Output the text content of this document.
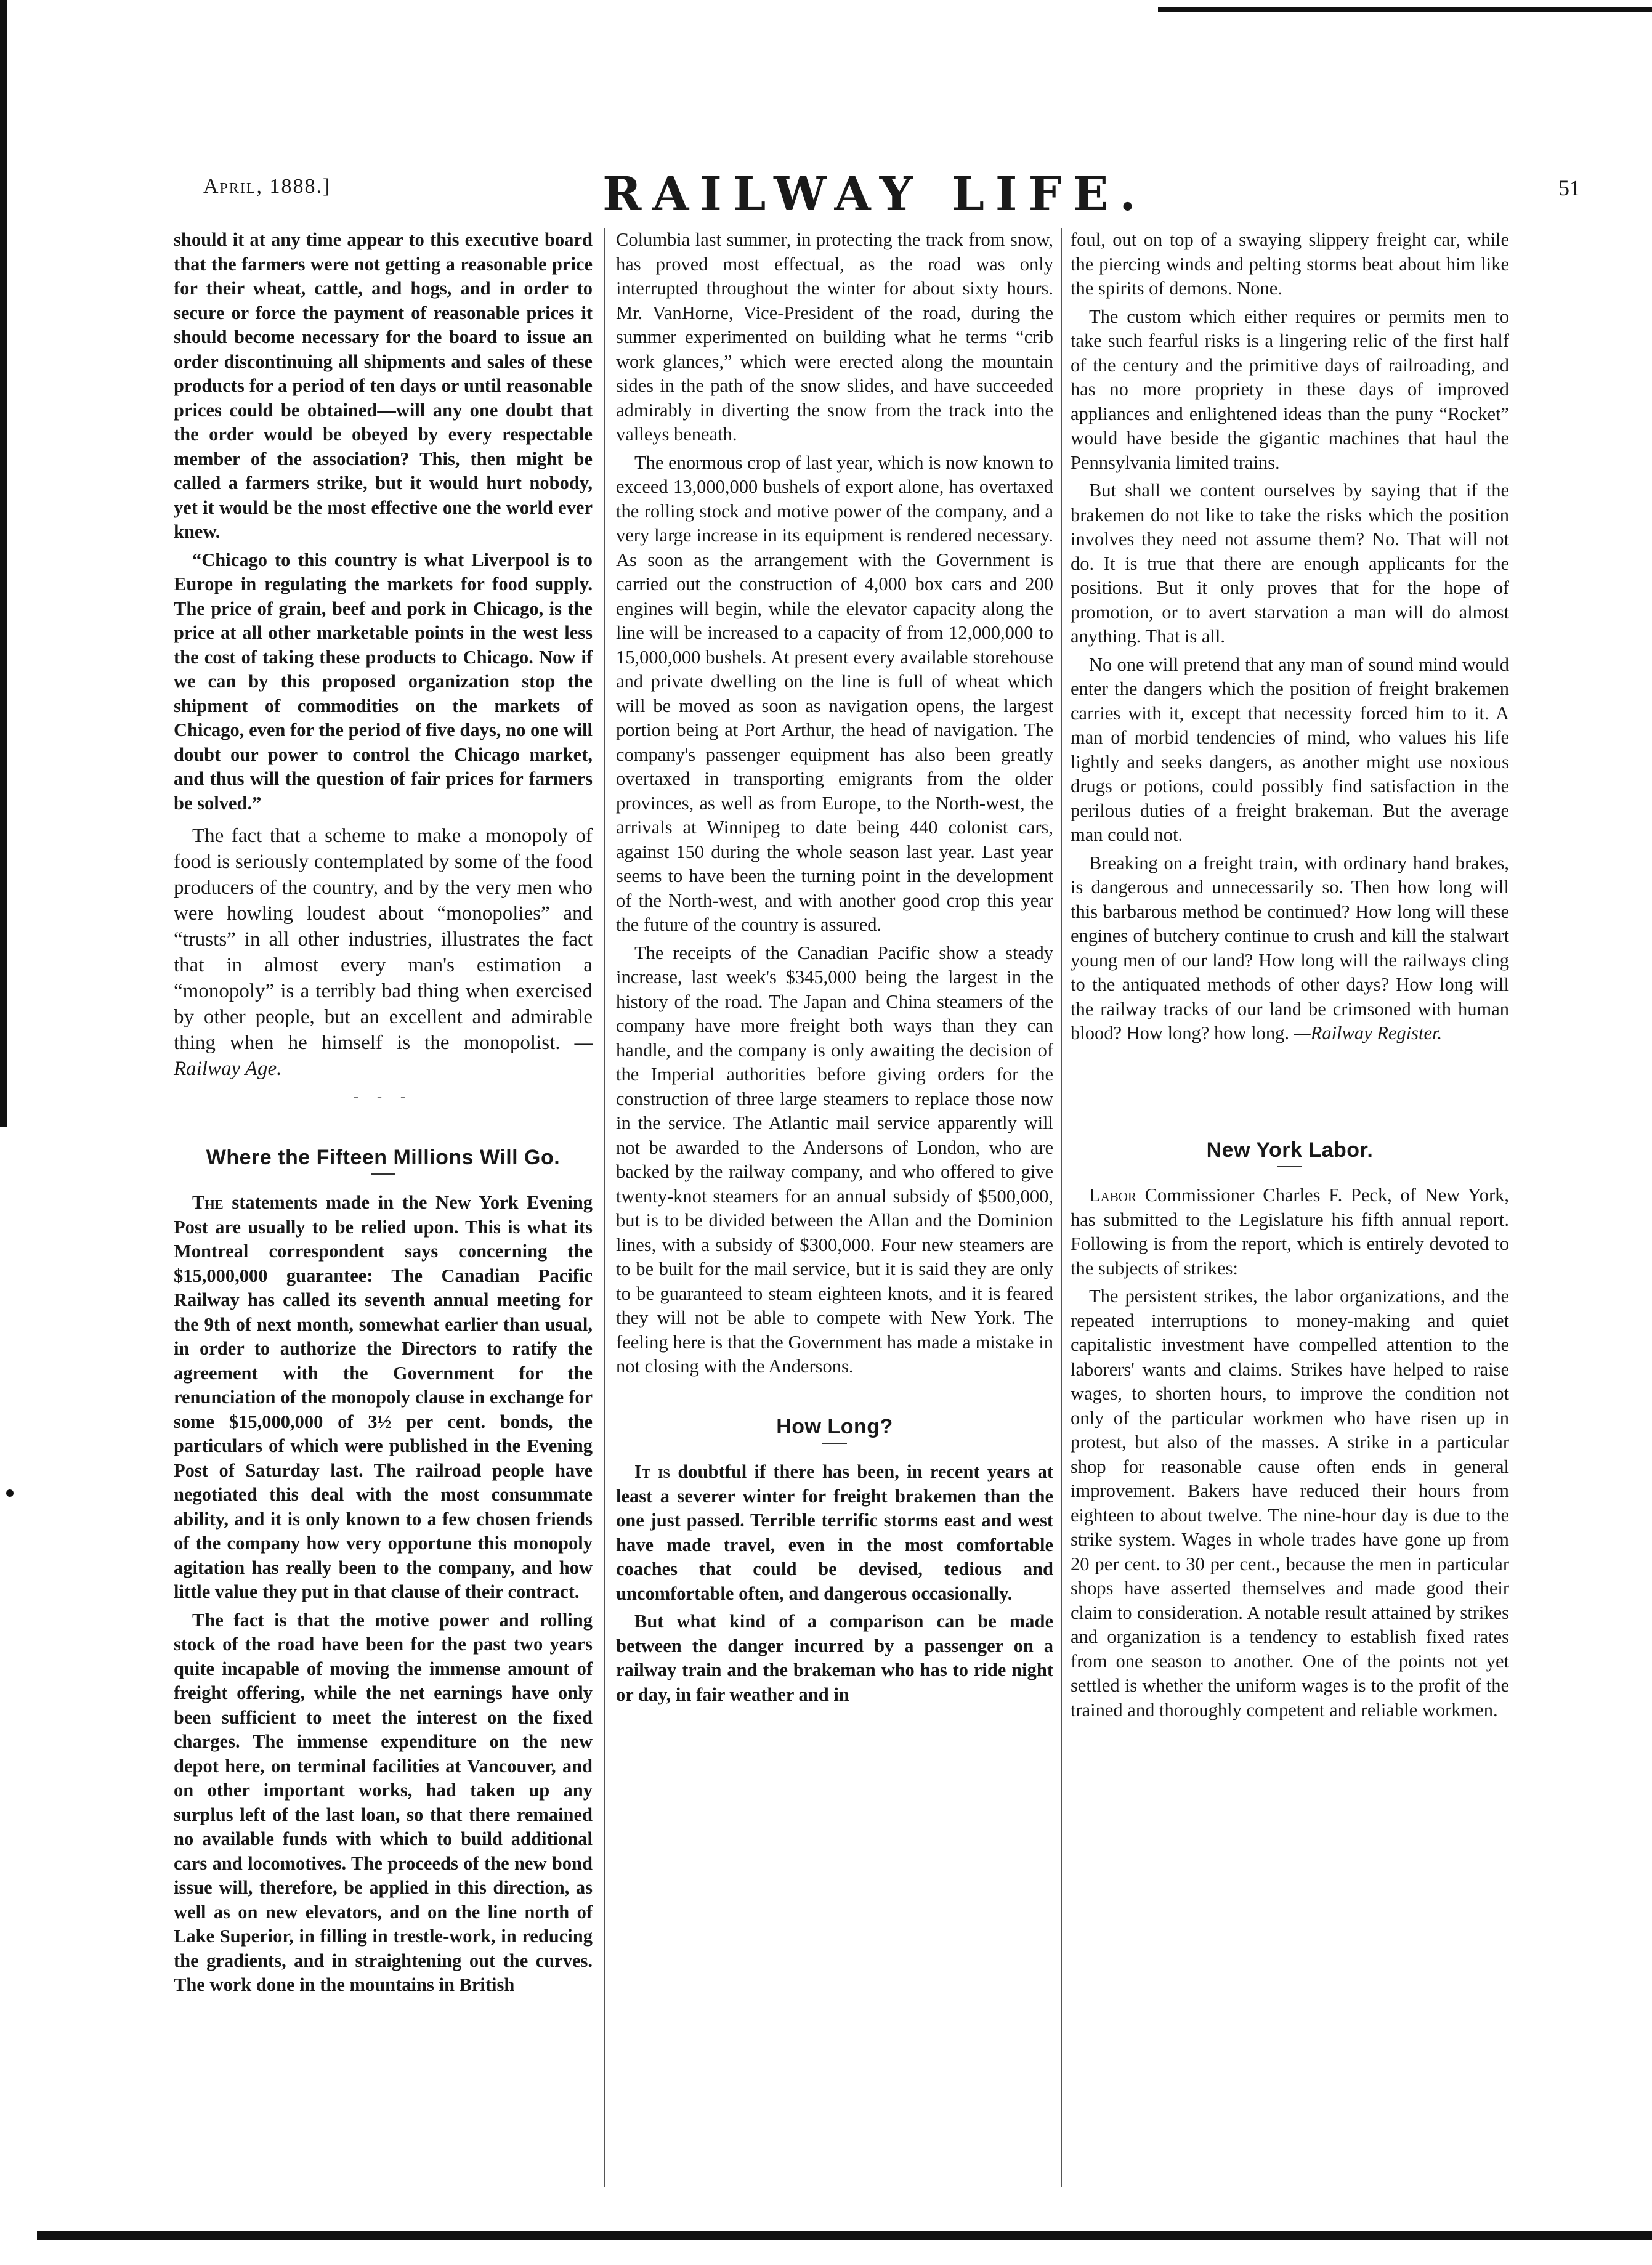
April, 1888.]	RAILWAY LIFE.	51

should it at any time appear to this executive board that the farmers were not getting a reasonable price for their wheat, cattle, and hogs, and in order to secure or force the payment of reasonable prices it should become necessary for the board to issue an order discontinuing all shipments and sales of these products for a period of ten days or until reasonable prices could be obtained—will any one doubt that the order would be obeyed by every respectable member of the association? This, then might be called a farmers strike, but it would hurt nobody, yet it would be the most effective one the world ever knew.

“Chicago to this country is what Liverpool is to Europe in regulating the markets for food supply. The price of grain, beef and pork in Chicago, is the price at all other marketable points in the west less the cost of taking these products to Chicago. Now if we can by this proposed organization stop the shipment of commodities on the markets of Chicago, even for the period of five days, no one will doubt our power to control the Chicago market, and thus will the question of fair prices for farmers be solved.”

The fact that a scheme to make a monopoly of food is seriously contemplated by some of the food producers of the country, and by the very men who were howling loudest about “monopolies” and “trusts” in all other industries, illustrates the fact that in almost every man's estimation a “monopoly” is a terribly bad thing when exercised by other people, but an excellent and admirable thing when he himself is the monopolist. —Railway Age.

- - -
Where the Fifteen Millions Will Go.

The statements made in the New York Evening Post are usually to be relied upon. This is what its Montreal correspondent says concerning the $15,000,000 guarantee: The Canadian Pacific Railway has called its seventh annual meeting for the 9th of next month, somewhat earlier than usual, in order to authorize the Directors to ratify the agreement with the Government for the renunciation of the monopoly clause in exchange for some $15,000,000 of 3½ per cent. bonds, the particulars of which were published in the Evening Post of Saturday last. The railroad people have negotiated this deal with the most consummate ability, and it is only known to a few chosen friends of the company how very opportune this monopoly agitation has really been to the company, and how little value they put in that clause of their contract.

The fact is that the motive power and rolling stock of the road have been for the past two years quite incapable of moving the immense amount of freight offering, while the net earnings have only been sufficient to meet the interest on the fixed charges. The immense expenditure on the new depot here, on terminal facilities at Vancouver, and on other important works, had taken up any surplus left of the last loan, so that there remained no available funds with which to build additional cars and locomotives. The proceeds of the new bond issue will, therefore, be applied in this direction, as well as on new elevators, and on the line north of Lake Superior, in filling in trestle-work, in reducing the gradients, and in straightening out the curves. The work done in the mountains in British

Columbia last summer, in protecting the track from snow, has proved most effectual, as the road was only interrupted throughout the winter for about sixty hours. Mr. VanHorne, Vice-President of the road, during the summer experimented on building what he terms “crib work glances,” which were erected along the mountain sides in the path of the snow slides, and have succeeded admirably in diverting the snow from the track into the valleys beneath.

The enormous crop of last year, which is now known to exceed 13,000,000 bushels of export alone, has overtaxed the rolling stock and motive power of the company, and a very large increase in its equipment is rendered necessary. As soon as the arrangement with the Government is carried out the construction of 4,000 box cars and 200 engines will begin, while the elevator capacity along the line will be increased to a capacity of from 12,000,000 to 15,000,000 bushels. At present every available storehouse and private dwelling on the line is full of wheat which will be moved as soon as navigation opens, the largest portion being at Port Arthur, the head of navigation. The company's passenger equipment has also been greatly overtaxed in transporting emigrants from the older provinces, as well as from Europe, to the North-west, the arrivals at Winnipeg to date being 440 colonist cars, against 150 during the whole season last year. Last year seems to have been the turning point in the development of the North-west, and with another good crop this year the future of the country is assured.

The receipts of the Canadian Pacific show a steady increase, last week's $345,000 being the largest in the history of the road. The Japan and China steamers of the company have more freight both ways than they can handle, and the company is only awaiting the decision of the Imperial authorities before giving orders for the construction of three large steamers to replace those now in the service. The Atlantic mail service apparently will not be awarded to the Andersons of London, who are backed by the railway company, and who offered to give twenty-knot steamers for an annual subsidy of $500,000, but is to be divided between the Allan and the Dominion lines, with a subsidy of $300,000. Four new steamers are to be built for the mail service, but it is said they are only to be guaranteed to steam eighteen knots, and it is feared they will not be able to compete with New York. The feeling here is that the Government has made a mistake in not closing with the Andersons.

How Long?

It is doubtful if there has been, in recent years at least a severer winter for freight brakemen than the one just passed. Terrible terrific storms east and west have made travel, even in the most comfortable coaches that could be devised, tedious and uncomfortable often, and dangerous occasionally.

But what kind of a comparison can be made between the danger incurred by a passenger on a railway train and the brakeman who has to ride night or day, in fair weather and in

foul, out on top of a swaying slippery freight car, while the piercing winds and pelting storms beat about him like the spirits of demons. None.

The custom which either requires or permits men to take such fearful risks is a lingering relic of the first half of the century and the primitive days of railroading, and has no more propriety in these days of improved appliances and enlightened ideas than the puny “Rocket” would have beside the gigantic machines that haul the Pennsylvania limited trains.

But shall we content ourselves by saying that if the brakemen do not like to take the risks which the position involves they need not assume them? No. That will not do. It is true that there are enough applicants for the positions. But it only proves that for the hope of promotion, or to avert starvation a man will do almost anything. That is all.

No one will pretend that any man of sound mind would enter the dangers which the position of freight brakemen carries with it, except that necessity forced him to it. A man of morbid tendencies of mind, who values his life lightly and seeks dangers, as another might use noxious drugs or potions, could possibly find satisfaction in the perilous duties of a freight brakeman. But the average man could not.

Breaking on a freight train, with ordinary hand brakes, is dangerous and unnecessarily so. Then how long will this barbarous method be continued? How long will these engines of butchery continue to crush and kill the stalwart young men of our land? How long will the railways cling to the antiquated methods of other days? How long will the railway tracks of our land be crimsoned with human blood? How long? how long. —Railway Register.

New York Labor.

Labor Commissioner Charles F. Peck, of New York, has submitted to the Legislature his fifth annual report. Following is from the report, which is entirely devoted to the subjects of strikes:

The persistent strikes, the labor organizations, and the repeated interruptions to money-making and quiet capitalistic investment have compelled attention to the laborers' wants and claims. Strikes have helped to raise wages, to shorten hours, to improve the condition not only of the particular workmen who have risen up in protest, but also of the masses. A strike in a particular shop for reasonable cause often ends in general improvement. Bakers have reduced their hours from eighteen to about twelve. The nine-hour day is due to the strike system. Wages in whole trades have gone up from 20 per cent. to 30 per cent., because the men in particular shops have asserted themselves and made good their claim to consideration. A notable result attained by strikes and organization is a tendency to establish fixed rates from one season to another. One of the points not yet settled is whether the uniform wages is to the profit of the trained and thoroughly competent and reliable workmen.
